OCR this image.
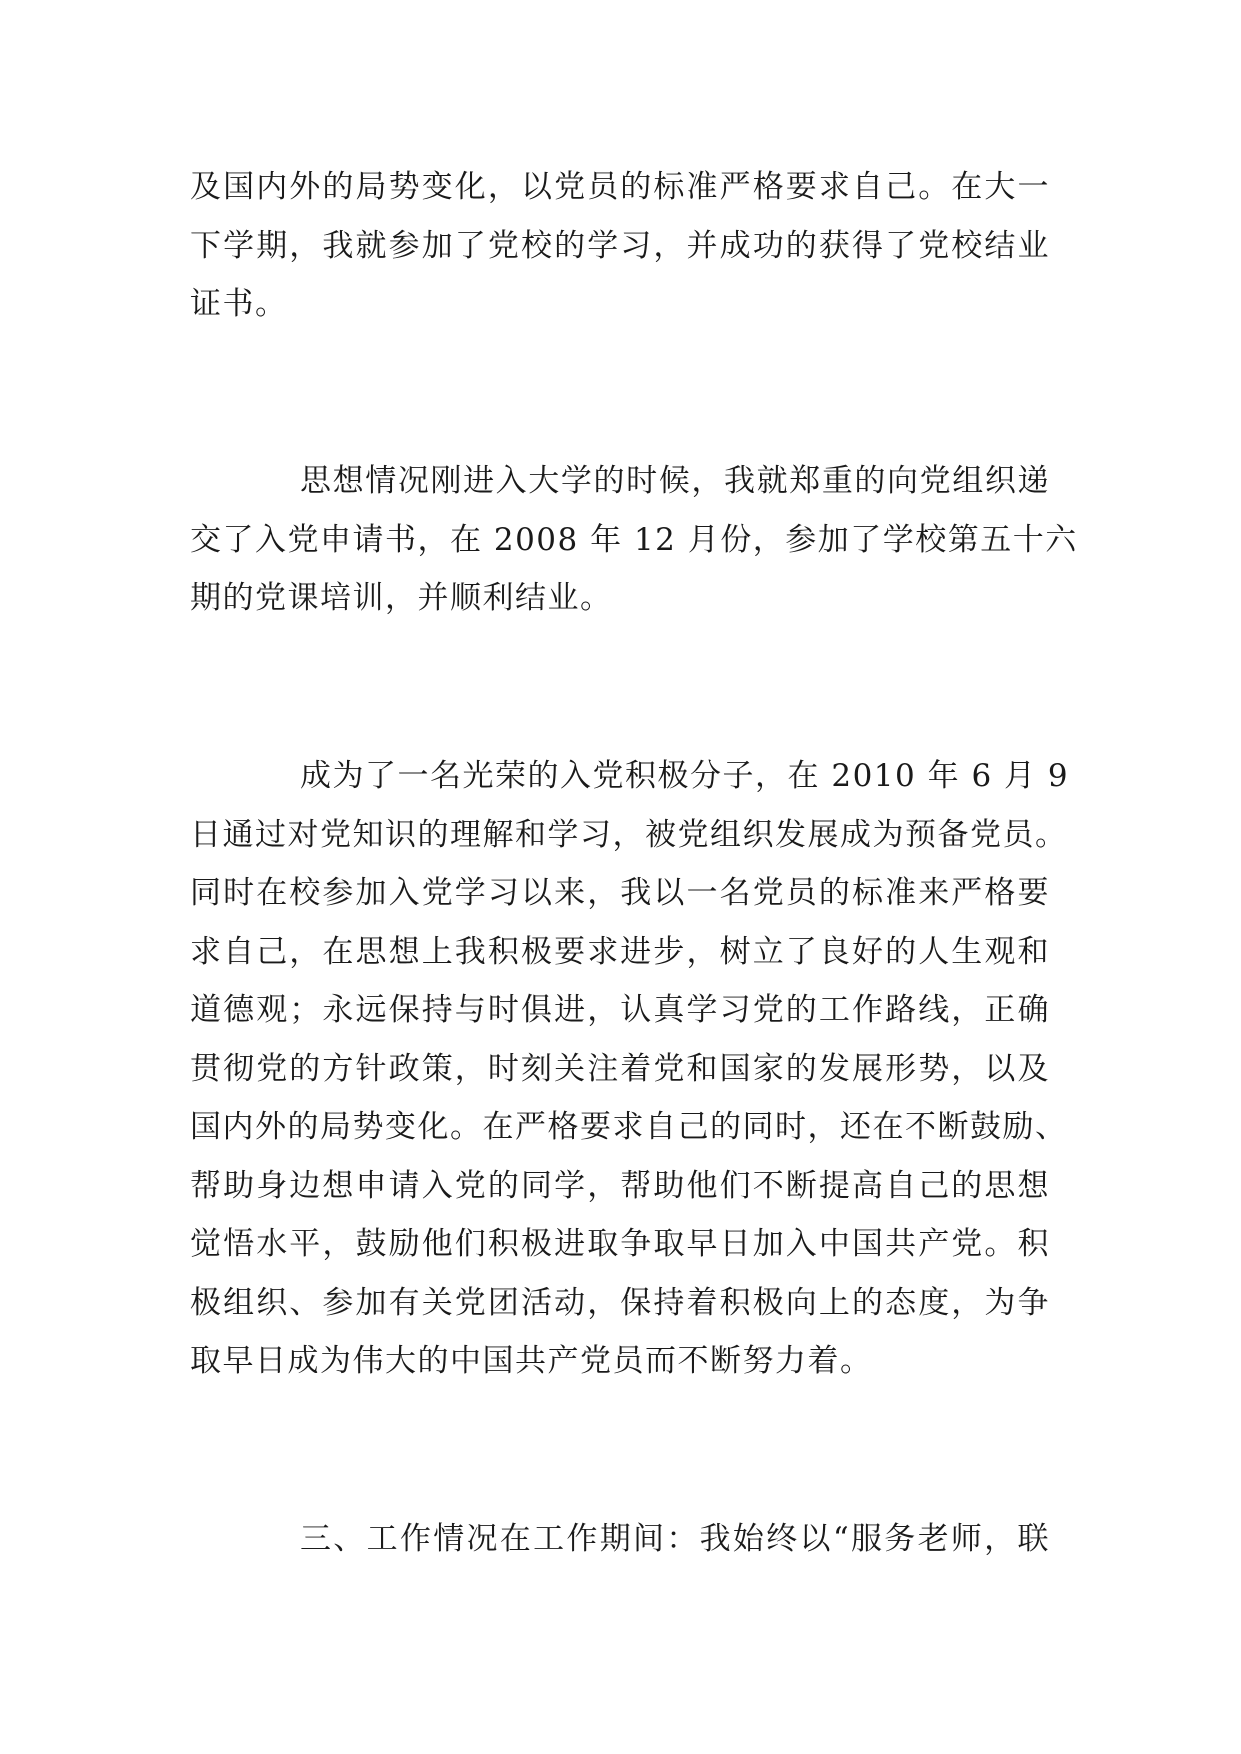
及国内外的局势变化，以党员的标准严格要求自己。在大一
下学期，我就参加了党校的学习，并成功的获得了党校结业
证书。
思想情况刚进入大学的时候，我就郑重的向党组织递
交了入党申请书，在 2008 年 12 月份，参加了学校第五十六
期的党课培训，并顺利结业。
成为了一名光荣的入党积极分子，在 2010 年 6 月 9
日通过对党知识的理解和学习，被党组织发展成为预备党员。
同时在校参加入党学习以来，我以一名党员的标准来严格要
求自己，在思想上我积极要求进步，树立了良好的人生观和
道德观；永远保持与时俱进，认真学习党的工作路线，正确
贯彻党的方针政策，时刻关注着党和国家的发展形势，以及
国内外的局势变化。在严格要求自己的同时，还在不断鼓励、
帮助身边想申请入党的同学，帮助他们不断提高自己的思想
觉悟水平，鼓励他们积极进取争取早日加入中国共产党。积
极组织、参加有关党团活动，保持着积极向上的态度，为争
取早日成为伟大的中国共产党员而不断努力着。
三、工作情况在工作期间：我始终以“服务老师，联
